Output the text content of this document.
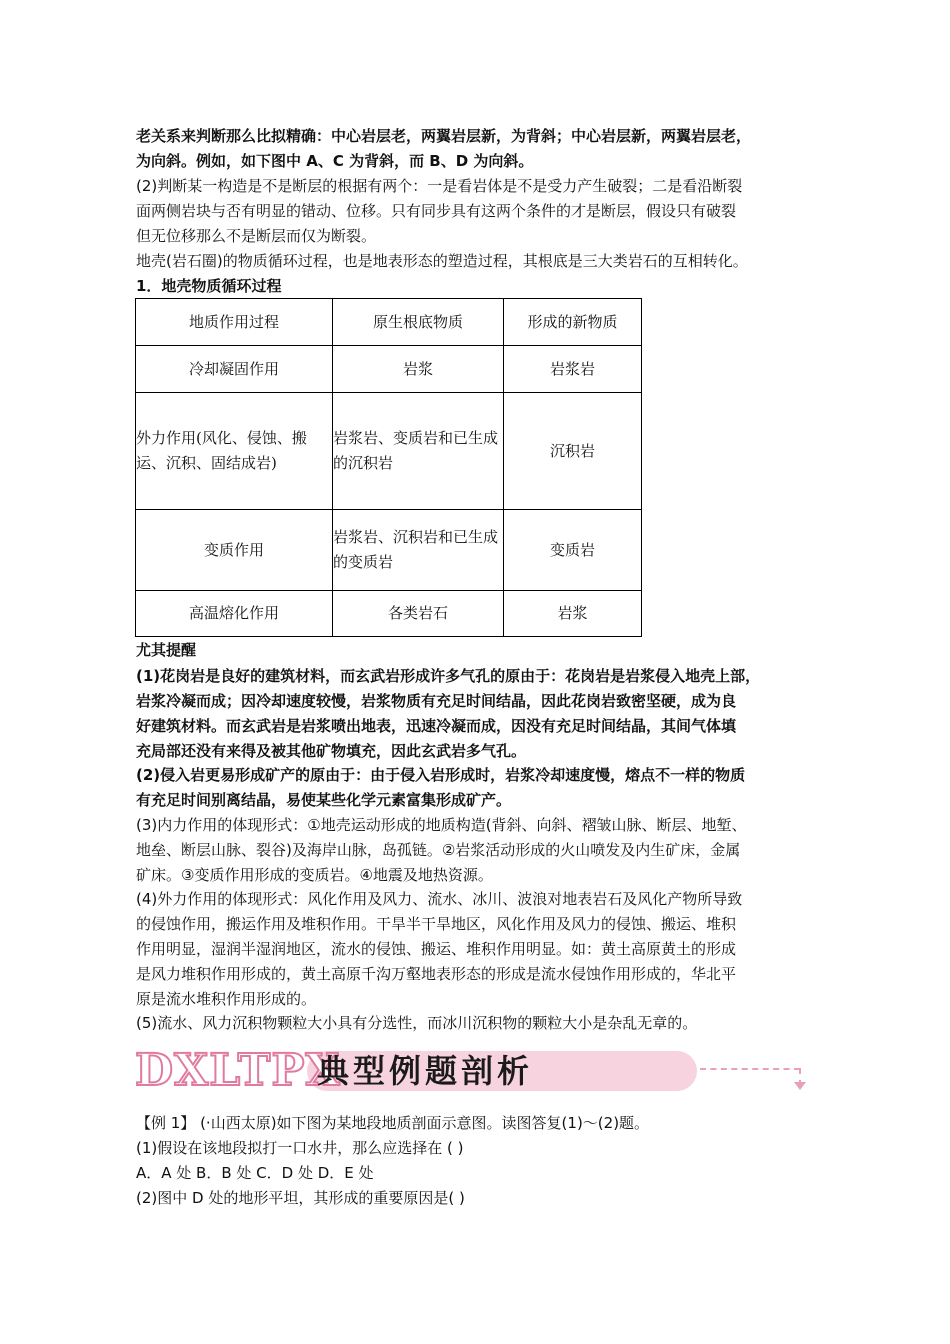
老关系来判断那么比拟精确：中心岩层老，两翼岩层新，为背斜；中心岩层新，两翼岩层老，
为向斜。例如，如下图中 A、C 为背斜，而 B、D 为向斜。
(2)判断某一构造是不是断层的根据有两个：一是看岩体是不是受力产生破裂；二是看沿断裂
面两侧岩块与否有明显的错动、位移。只有同步具有这两个条件的才是断层，假设只有破裂
但无位移那么不是断层而仅为断裂。
地壳(岩石圈)的物质循环过程，也是地表形态的塑造过程，其根底是三大类岩石的互相转化。
1．地壳物质循环过程
地质作用过程	原生根底物质	形成的新物质
冷却凝固作用	岩浆	岩浆岩
外力作用(风化、侵蚀、搬运、沉积、固结成岩)	岩浆岩、变质岩和已生成的沉积岩	沉积岩
变质作用	岩浆岩、沉积岩和已生成的变质岩	变质岩
高温熔化作用	各类岩石	岩浆
尤其提醒
(1)花岗岩是良好的建筑材料，而玄武岩形成许多气孔的原由于：花岗岩是岩浆侵入地壳上部，
岩浆冷凝而成；因冷却速度较慢，岩浆物质有充足时间结晶，因此花岗岩致密坚硬，成为良
好建筑材料。而玄武岩是岩浆喷出地表，迅速冷凝而成，因没有充足时间结晶，其间气体填
充局部还没有来得及被其他矿物填充，因此玄武岩多气孔。
(2)侵入岩更易形成矿产的原由于：由于侵入岩形成时，岩浆冷却速度慢，熔点不一样的物质
有充足时间别离结晶，易使某些化学元素富集形成矿产。
(3)内力作用的体现形式：①地壳运动形成的地质构造(背斜、向斜、褶皱山脉、断层、地堑、
地垒、断层山脉、裂谷)及海岸山脉，岛孤链。②岩浆活动形成的火山喷发及内生矿床，金属
矿床。③变质作用形成的变质岩。④地震及地热资源。
(4)外力作用的体现形式：风化作用及风力、流水、冰川、波浪对地表岩石及风化产物所导致
的侵蚀作用，搬运作用及堆积作用。干旱半干旱地区，风化作用及风力的侵蚀、搬运、堆积
作用明显，湿润半湿润地区，流水的侵蚀、搬运、堆积作用明显。如：黄土高原黄土的形成
是风力堆积作用形成的，黄土高原千沟万壑地表形态的形成是流水侵蚀作用形成的，华北平
原是流水堆积作用形成的。
(5)流水、风力沉积物颗粒大小具有分选性，而冰川沉积物的颗粒大小是杂乱无章的。
DXLTPX
典型例题剖析
【例 1】 (·山西太原)如下图为某地段地质剖面示意图。读图答复(1)～(2)题。
(1)假设在该地段拟打一口水井，那么应选择在 ( )
A．A 处 B．B 处 C．D 处 D．E 处
(2)图中 D 处的地形平坦，其形成的重要原因是( )
